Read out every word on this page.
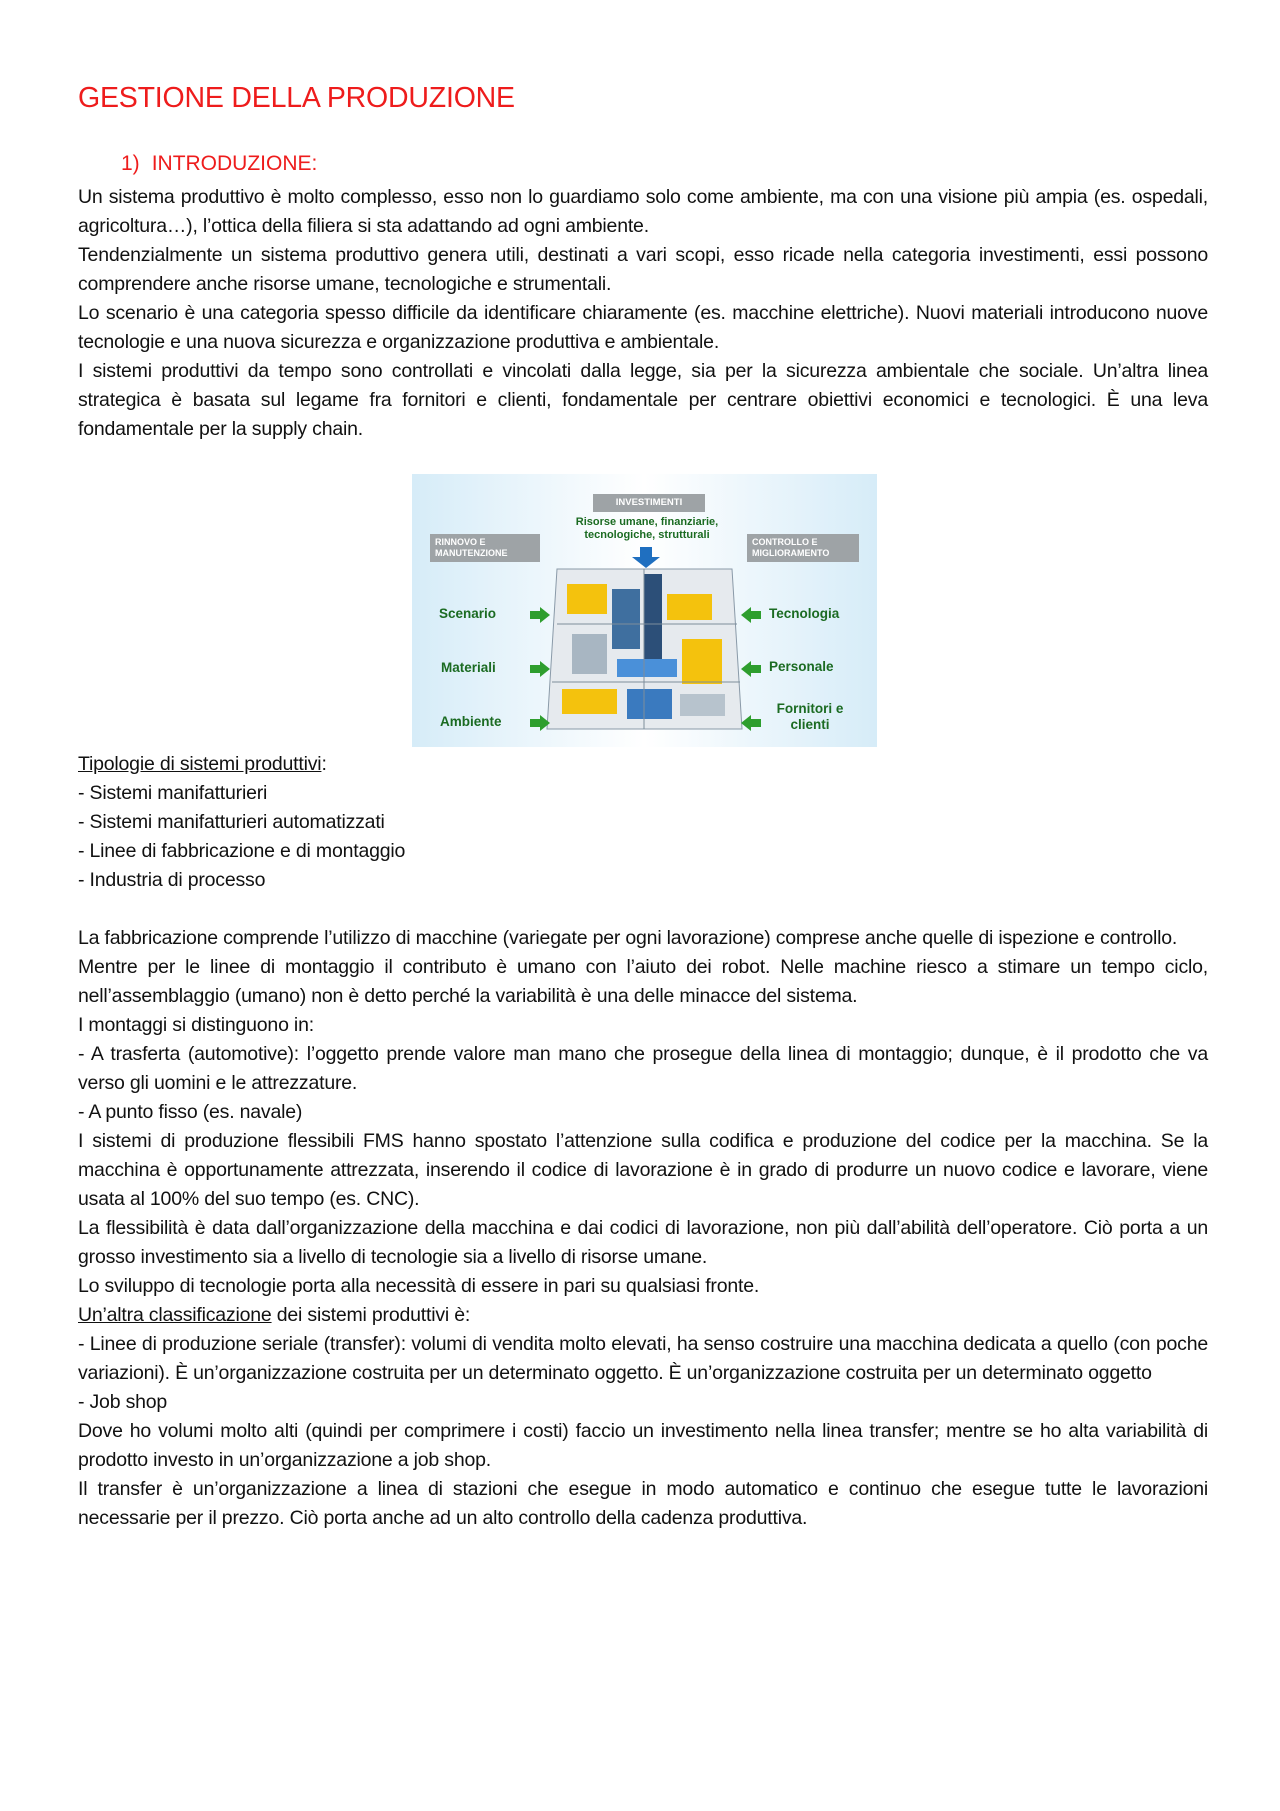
GESTIONE DELLA PRODUZIONE
1) INTRODUZIONE:

Un sistema produttivo è molto complesso, esso non lo guardiamo solo come ambiente, ma con una visione più ampia (es. ospedali, agricoltura…), l’ottica della filiera si sta adattando ad ogni ambiente.

Tendenzialmente un sistema produttivo genera utili, destinati a vari scopi, esso ricade nella categoria investimenti, essi possono comprendere anche risorse umane, tecnologiche e strumentali.

Lo scenario è una categoria spesso difficile da identificare chiaramente (es. macchine elettriche). Nuovi materiali introducono nuove tecnologie e una nuova sicurezza e organizzazione produttiva e ambientale.

I sistemi produttivi da tempo sono controllati e vincolati dalla legge, sia per la sicurezza ambientale che sociale. Un’altra linea strategica è basata sul legame fra fornitori e clienti, fondamentale per centrare obiettivi economici e tecnologici. È una leva fondamentale per la supply chain.

INVESTIMENTI
Risorse umane, finanziarie,
tecnologiche, strutturali
RINNOVO E
MANUTENZIONE
CONTROLLO E
MIGLIORAMENTO
Scenario
Materiali
Ambiente
Tecnologia
Personale
Fornitori e
clienti

Tipologie di sistemi produttivi:

- Sistemi manifatturieri

- Sistemi manifatturieri automatizzati

- Linee di fabbricazione e di montaggio

- Industria di processo

La fabbricazione comprende l’utilizzo di macchine (variegate per ogni lavorazione) comprese anche quelle di ispezione e controllo.

Mentre per le linee di montaggio il contributo è umano con l’aiuto dei robot. Nelle machine riesco a stimare un tempo ciclo, nell’assemblaggio (umano) non è detto perché la variabilità è una delle minacce del sistema.

I montaggi si distinguono in:

- A trasferta (automotive): l’oggetto prende valore man mano che prosegue della linea di montaggio; dunque, è il prodotto che va verso gli uomini e le attrezzature.

- A punto fisso (es. navale)

I sistemi di produzione flessibili FMS hanno spostato l’attenzione sulla codifica e produzione del codice per la macchina. Se la macchina è opportunamente attrezzata, inserendo il codice di lavorazione è in grado di produrre un nuovo codice e lavorare, viene usata al 100% del suo tempo (es. CNC).

La flessibilità è data dall’organizzazione della macchina e dai codici di lavorazione, non più dall’abilità dell’operatore. Ciò porta a un grosso investimento sia a livello di tecnologie sia a livello di risorse umane.

Lo sviluppo di tecnologie porta alla necessità di essere in pari su qualsiasi fronte.

Un’altra classificazione dei sistemi produttivi è:

- Linee di produzione seriale (transfer): volumi di vendita molto elevati, ha senso costruire una macchina dedicata a quello (con poche variazioni). È un’organizzazione costruita per un determinato oggetto. È un’organizzazione costruita per un determinato oggetto

- Job shop

Dove ho volumi molto alti (quindi per comprimere i costi) faccio un investimento nella linea transfer; mentre se ho alta variabilità di prodotto investo in un’organizzazione a job shop.

Il transfer è un’organizzazione a linea di stazioni che esegue in modo automatico e continuo che esegue tutte le lavorazioni necessarie per il prezzo. Ciò porta anche ad un alto controllo della cadenza produttiva.
